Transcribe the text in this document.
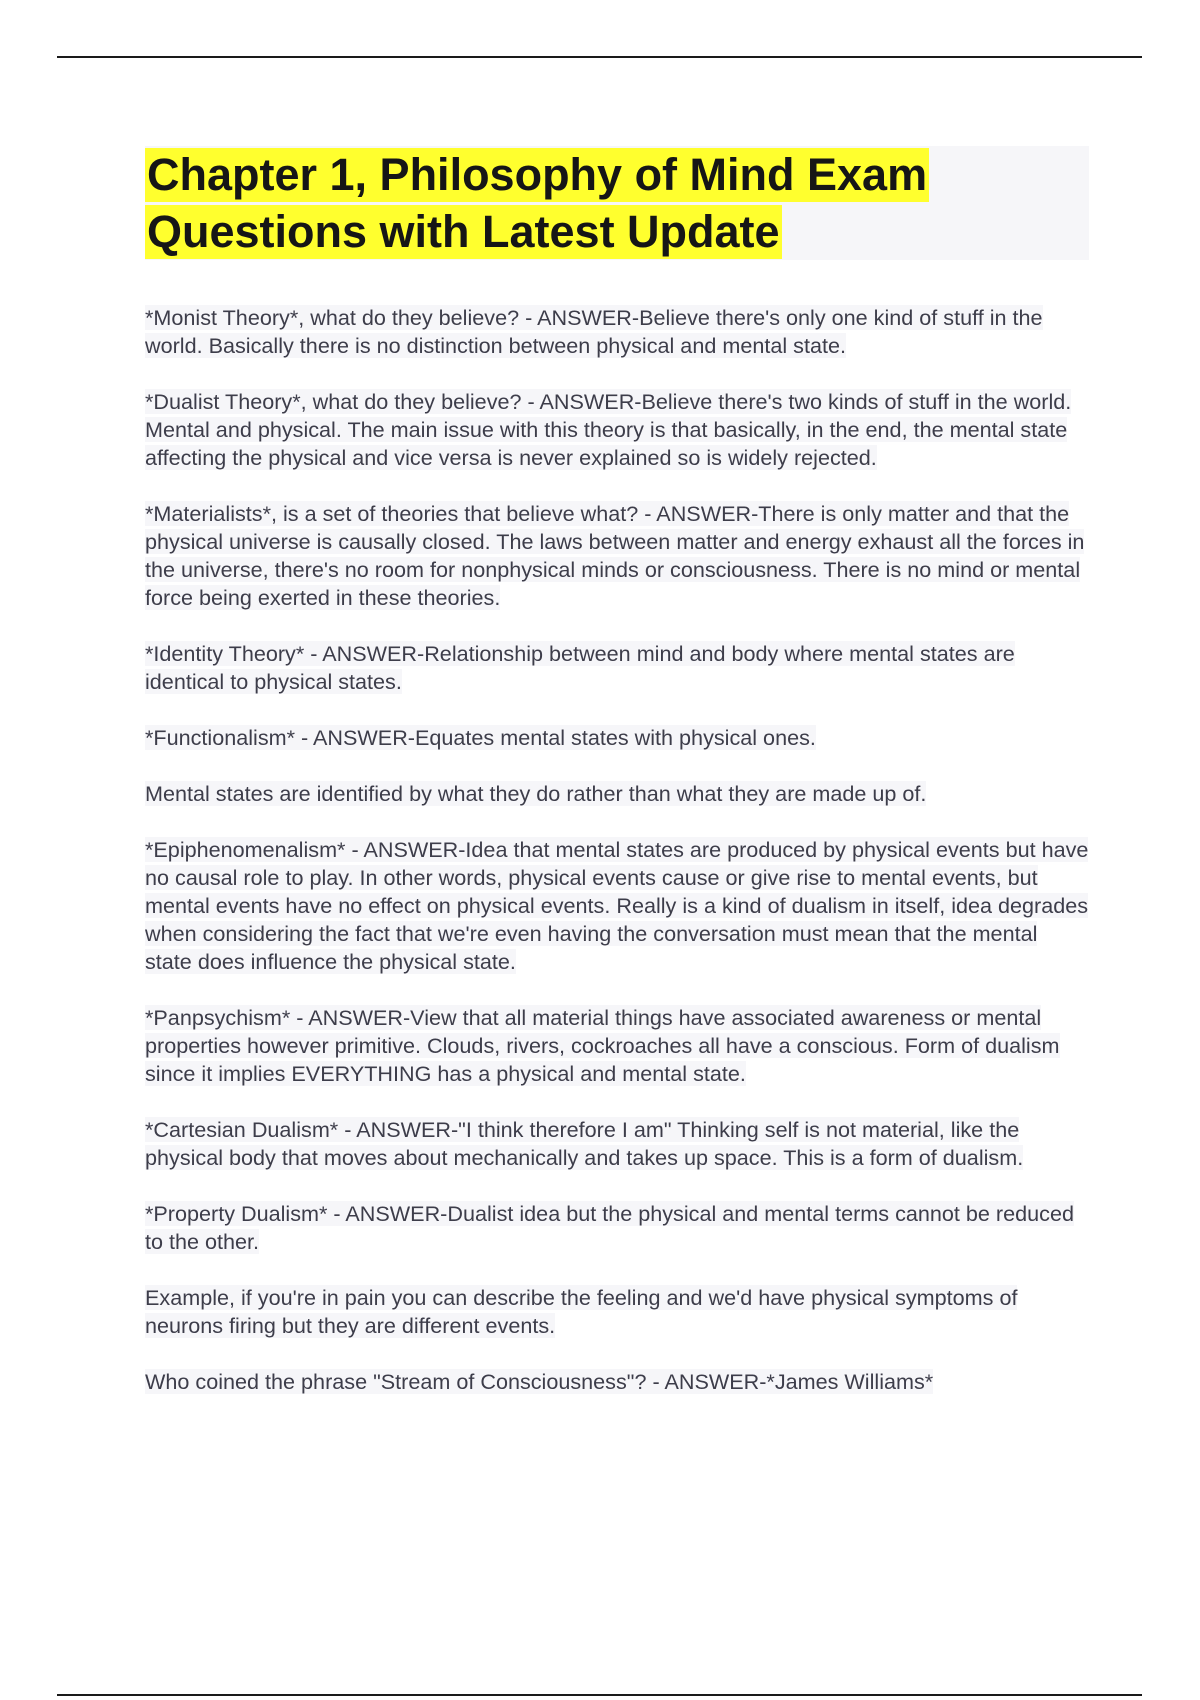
Chapter 1, Philosophy of Mind Exam Questions with Latest Update

*Monist Theory*, what do they believe? - ANSWER-Believe there's only one kind of stuff in the world. Basically there is no distinction between physical and mental state.

*Dualist Theory*, what do they believe? - ANSWER-Believe there's two kinds of stuff in the world. Mental and physical. The main issue with this theory is that basically, in the end, the mental state affecting the physical and vice versa is never explained so is widely rejected.

*Materialists*, is a set of theories that believe what? - ANSWER-There is only matter and that the physical universe is causally closed. The laws between matter and energy exhaust all the forces in the universe, there's no room for nonphysical minds or consciousness. There is no mind or mental force being exerted in these theories.

*Identity Theory* - ANSWER-Relationship between mind and body where mental states are identical to physical states.

*Functionalism* - ANSWER-Equates mental states with physical ones.

Mental states are identified by what they do rather than what they are made up of.

*Epiphenomenalism* - ANSWER-Idea that mental states are produced by physical events but have no causal role to play. In other words, physical events cause or give rise to mental events, but mental events have no effect on physical events. Really is a kind of dualism in itself, idea degrades when considering the fact that we're even having the conversation must mean that the mental state does influence the physical state.

*Panpsychism* - ANSWER-View that all material things have associated awareness or mental properties however primitive. Clouds, rivers, cockroaches all have a conscious. Form of dualism since it implies EVERYTHING has a physical and mental state.

*Cartesian Dualism* - ANSWER-"I think therefore I am" Thinking self is not material, like the physical body that moves about mechanically and takes up space. This is a form of dualism.

*Property Dualism* - ANSWER-Dualist idea but the physical and mental terms cannot be reduced to the other.

Example, if you're in pain you can describe the feeling and we'd have physical symptoms of neurons firing but they are different events.

Who coined the phrase "Stream of Consciousness"? - ANSWER-*James Williams*
